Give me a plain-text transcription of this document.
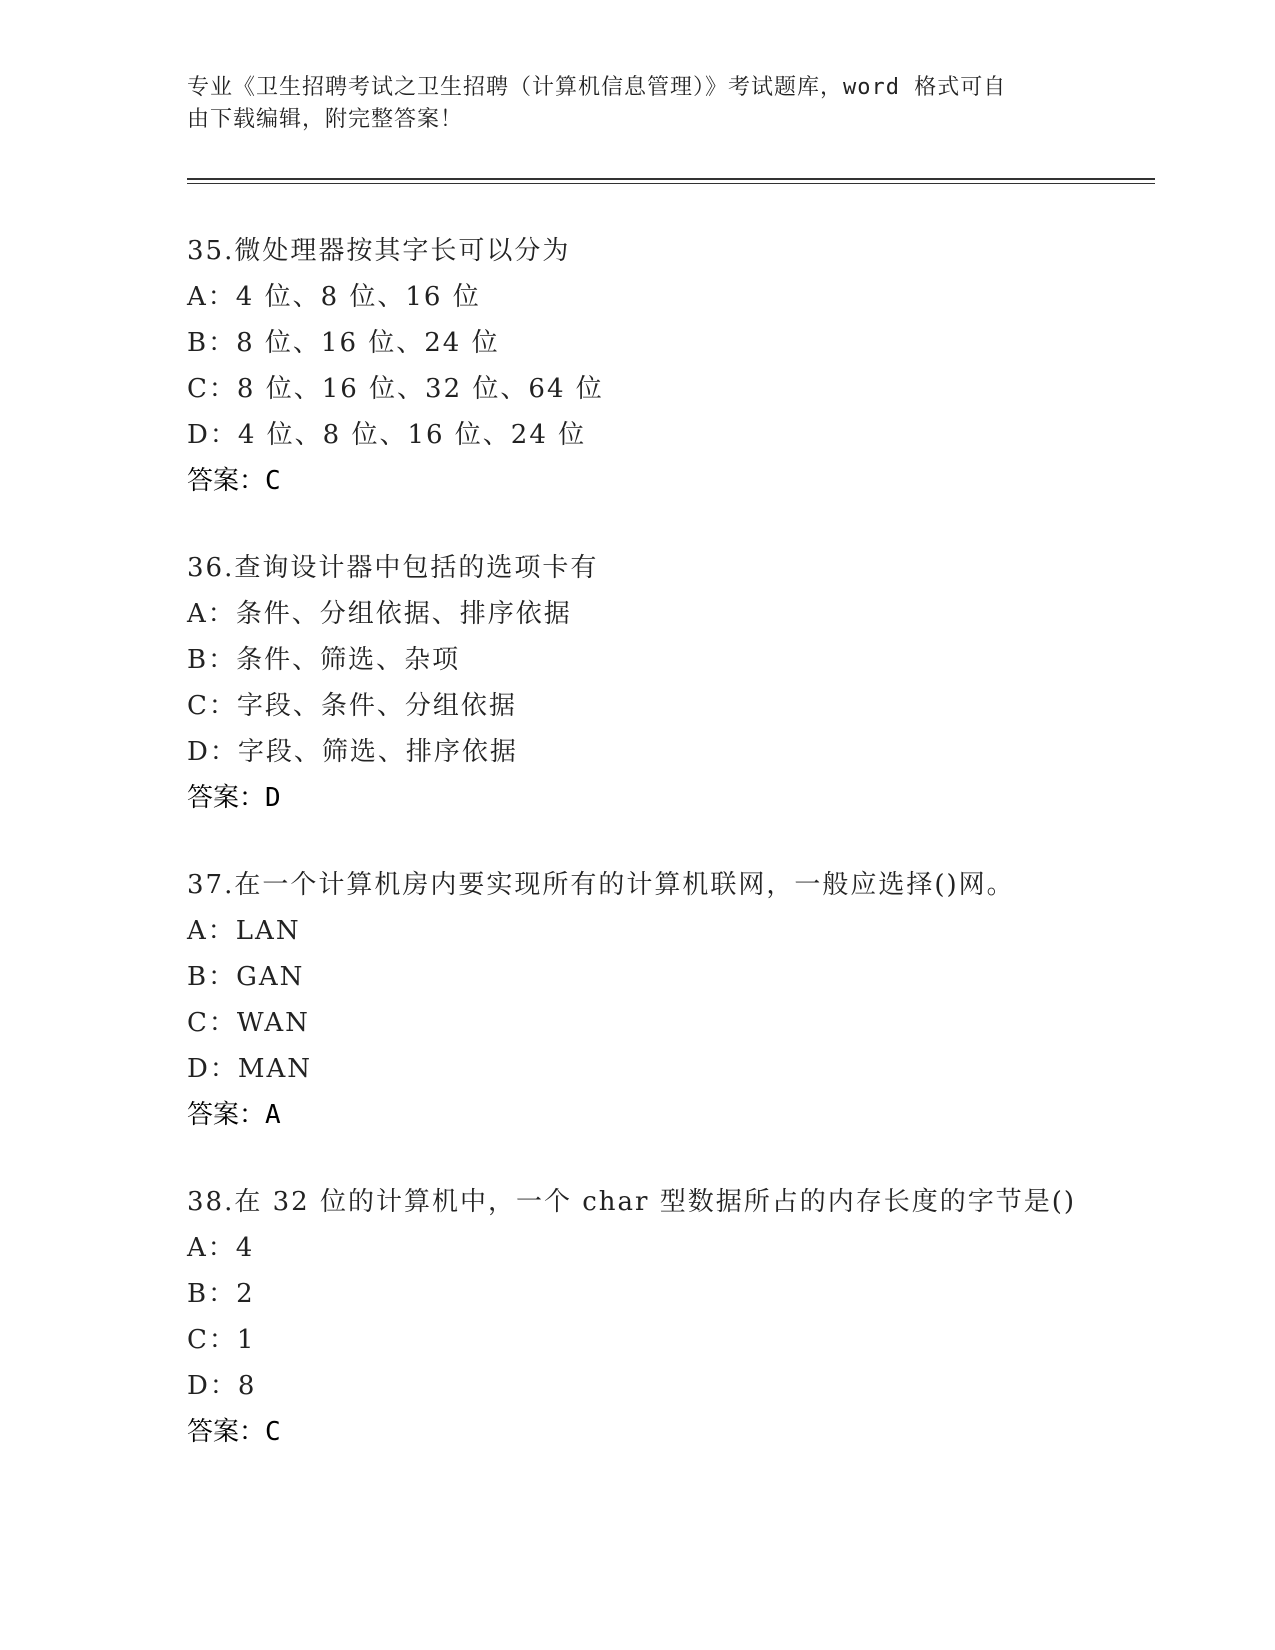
专业《卫生招聘考试之卫生招聘（计算机信息管理）》考试题库，word 格式可自
由下载编辑，附完整答案！
35.微处理器按其字长可以分为
A：4 位、8 位、16 位
B：8 位、16 位、24 位
C：8 位、16 位、32 位、64 位
D：4 位、8 位、16 位、24 位
答案：C
36.查询设计器中包括的选项卡有
A：条件、分组依据、排序依据
B：条件、筛选、杂项
C：字段、条件、分组依据
D：字段、筛选、排序依据
答案：D
37.在一个计算机房内要实现所有的计算机联网，一般应选择()网。
A：LAN
B：GAN
C：WAN
D：MAN
答案：A
38.在 32 位的计算机中，一个 char 型数据所占的内存长度的字节是()
A：4
B：2
C：1
D：8
答案：C
